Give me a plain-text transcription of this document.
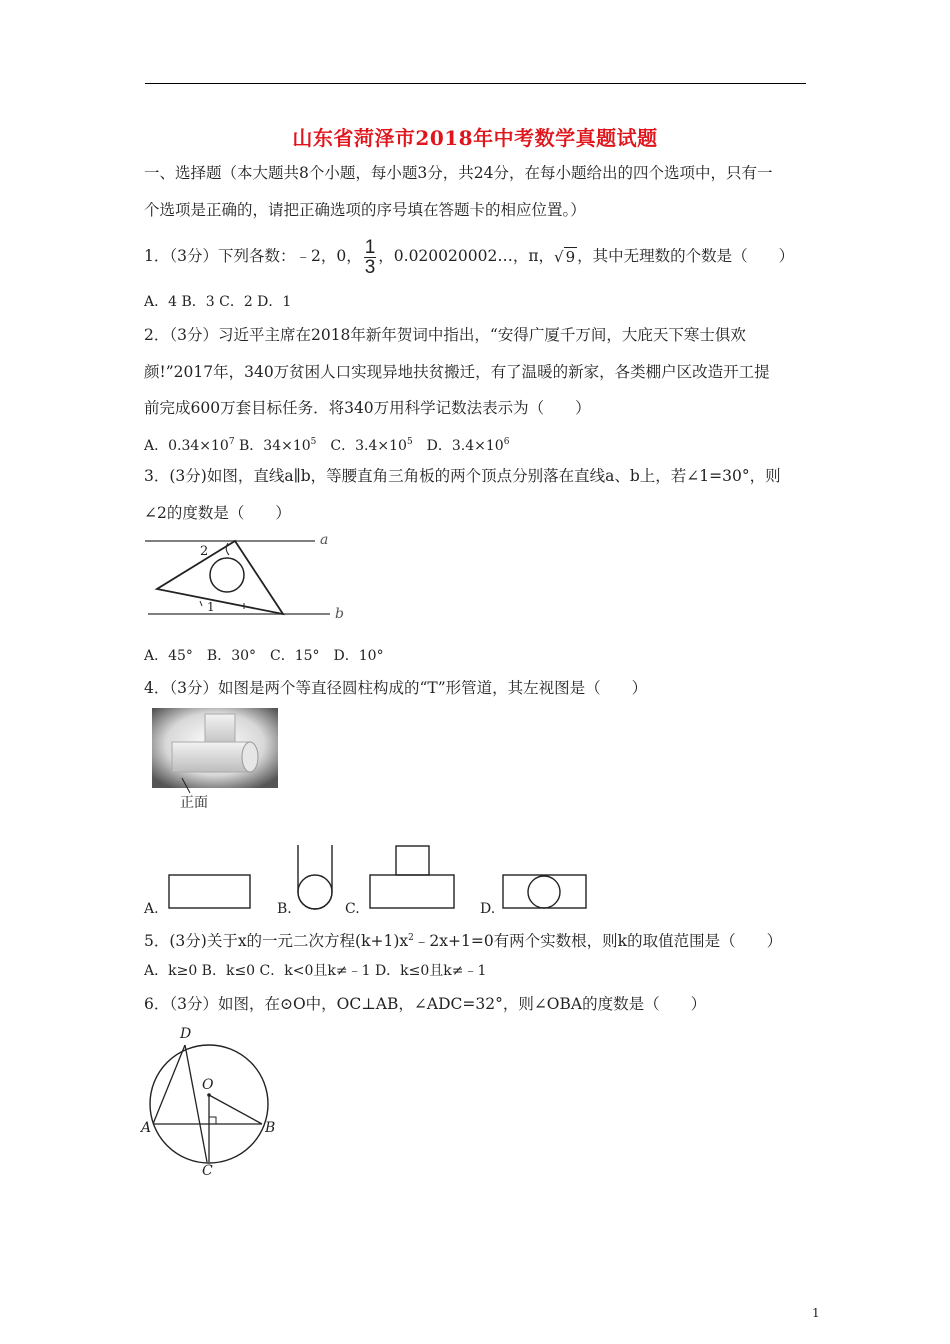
山东省菏泽市2018年中考数学真题试题
一、选择题（本大题共8个小题，每小题3分，共24分，在每小题给出的四个选项中，只有一
个选项是正确的，请把正确选项的序号填在答题卡的相应位置。）
1．（3分）下列各数：﹣2，0， $\frac{1}{3}$ ，0.020020002…，π，√ 9 ，其中无理数的个数是（　　）
A．4 B．3 C．2 D．1
2．（3分）习近平主席在2018年新年贺词中指出，“安得广厦千万间，大庇天下寒士俱欢
颜!”2017年，340万贫困人口实现异地扶贫搬迁，有了温暖的新家，各类棚户区改造开工提
前完成600万套目标任务．将340万用科学记数法表示为（　　）
A．$0.34\times 10^7$ B．$34\times 10^5$　C．$3.4\times 10^5$　D．$3.4\times 10^6$
3．(3分)如图，直线a∥b，等腰直角三角板的两个顶点分别落在直线a、b上，若∠1=30°，则
∠2的度数是（　　）
a
b
2
1
A．45°　B．30°　C．15°　D．10°
4．（3分）如图是两个等直径圆柱构成的“T”形管道，其左视图是（　　）
正面
A.	B.	C.	D.
5．(3分)关于x的一元二次方程$(k+1)x^2﹣2x+1=0$有两个实数根，则k的取值范围是（　　）
A．k≥0 B．k≤0 C．k<0且k≠﹣1 D．k≤0且k≠﹣1
6．（3分）如图，在⊙O中，OC⊥AB，∠ADC=32°，则∠OBA的度数是（　　）
D
O
A	B
C
1
